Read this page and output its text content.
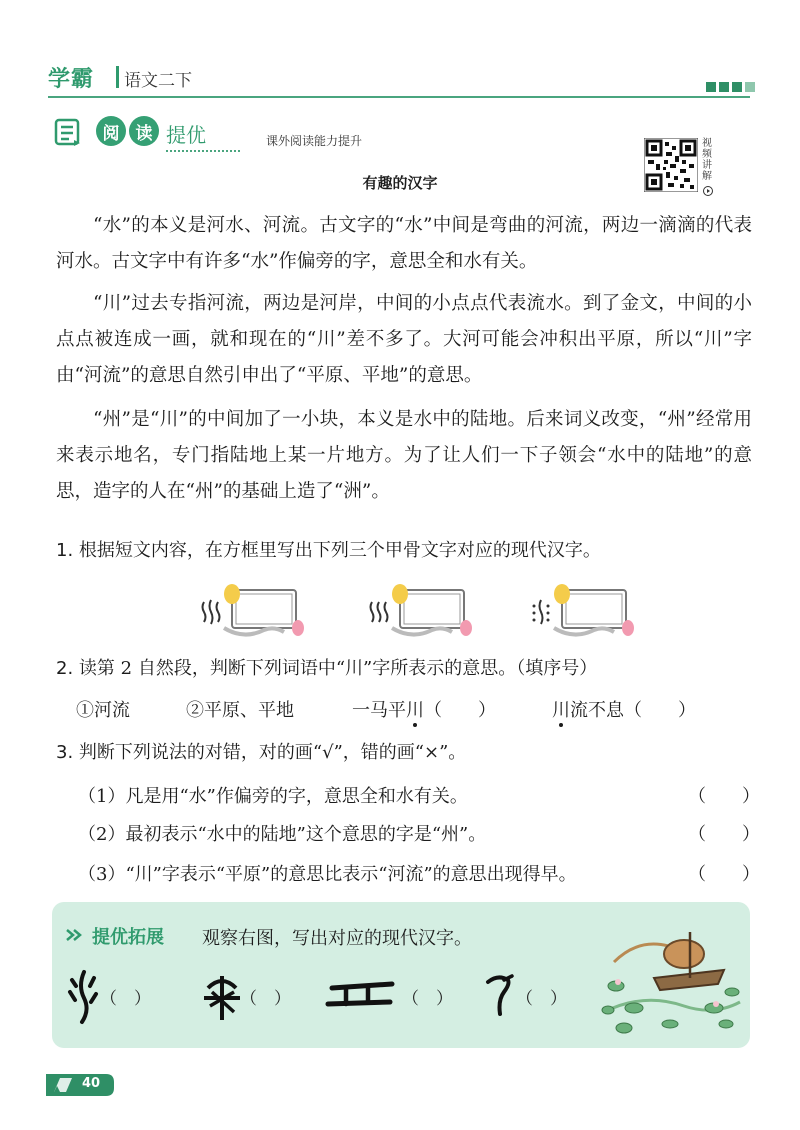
学霸 语文二下
阅 读 提优	课外阅读能力提升	视频讲解
有趣的汉字

“水”的本义是河水、河流。古文字的“水”中间是弯曲的河流，两边一滴滴的代表河水。古文字中有许多“水”作偏旁的字，意思全和水有关。

“川”过去专指河流，两边是河岸，中间的小点点代表流水。到了金文，中间的小点点被连成一画，就和现在的“川”差不多了。大河可能会冲积出平原，所以“川”字由“河流”的意思自然引申出了“平原、平地”的意思。

“州”是“川”的中间加了一小块，本义是水中的陆地。后来词义改变，“州”经常用来表示地名，专门指陆地上某一片地方。为了让人们一下子领会“水中的陆地”的意思，造字的人在“州”的基础上造了“洲”。

1. 根据短文内容，在方框里写出下列三个甲骨文字对应的现代汉字。
2. 读第 2 自然段，判断下列词语中“川”字所表示的意思。（填序号）
①河流	②平原、平地	一马平川（　　）	川流不息（　　）
3. 判断下列说法的对错，对的画“√”，错的画“×”。
（1）凡是用“水”作偏旁的字，意思全和水有关。	（　　）
（2）最初表示“水中的陆地”这个意思的字是“州”。	（　　）
（3）“川”字表示“平原”的意思比表示“河流”的意思出现得早。	（　　）
提优拓展 观察右图，写出对应的现代汉字。
（　）	（　）	（　）	（　）
40
